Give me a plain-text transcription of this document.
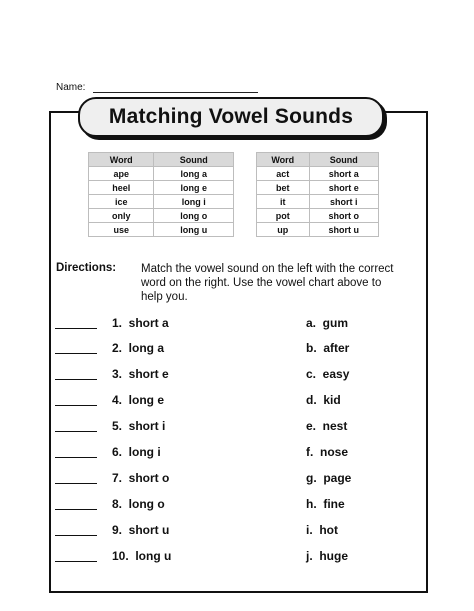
Name:
Matching Vowel Sounds
Word	Sound
ape	long a
heel	long e
ice	long i
only	long o
use	long u
Word	Sound
act	short a
bet	short e
it	short i
pot	short o
up	short u
Directions: Match the vowel sound on the left with the correct word on the right. Use the vowel chart above to help you.
1.  short a	a.  gum
2.  long a	b.  after
3.  short e	c.  easy
4.  long e	d.  kid
5.  short i	e.  nest
6.  long i	f.  nose
7.  short o	g.  page
8.  long o	h.  fine
9.  short u	i.  hot
10.  long u	j.  huge
